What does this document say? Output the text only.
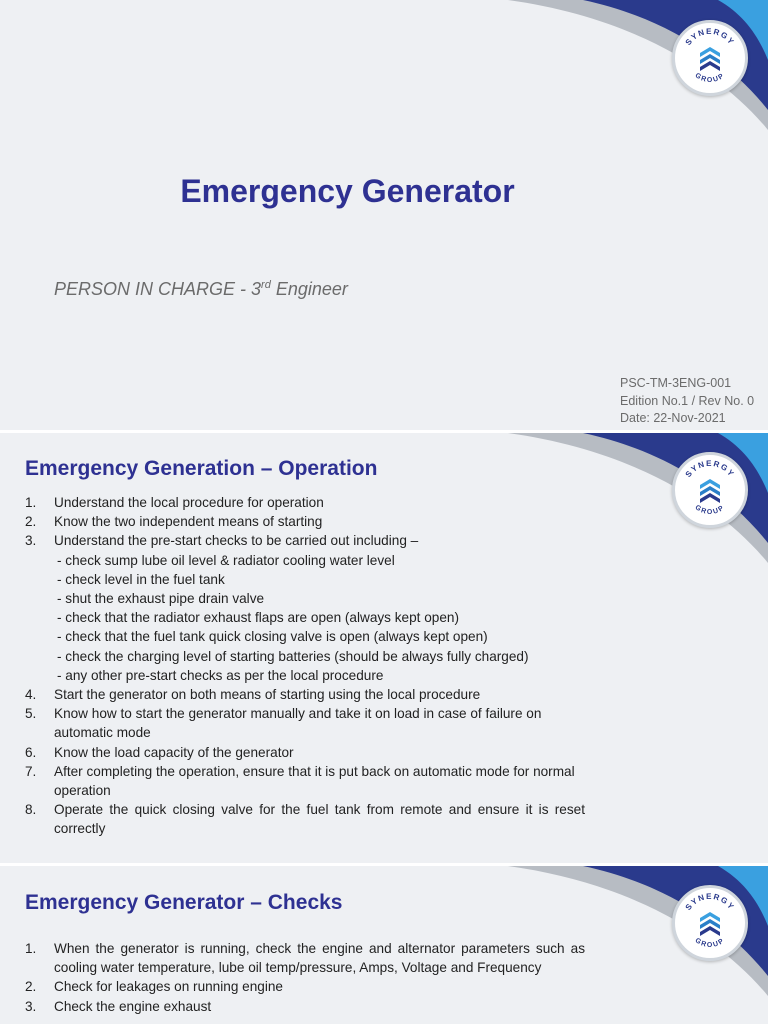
SYNERGY
GROUP
Emergency Generator
PERSON IN CHARGE - 3rd Engineer
PSC-TM-3ENG-001
Edition No.1 / Rev No. 0
Date: 22-Nov-2021
SYNERGY
GROUP
Emergency Generation – Operation
1. Understand the local procedure for operation
2. Know the two independent means of starting
3. Understand the pre-start checks to be carried out including –
- check sump lube oil level & radiator cooling water level
- check level in the fuel tank
- shut the exhaust pipe drain valve
- check that the radiator exhaust flaps are open (always kept open)
- check that the fuel tank quick closing valve is open (always kept open)
- check the charging level of starting batteries (should be always fully charged)
- any other pre-start checks as per the local procedure
4. Start the generator on both means of starting using the local procedure
5. Know how to start the generator manually and take it on load in case of failure on automatic mode
6. Know the load capacity of the generator
7. After completing the operation, ensure that it is put back on automatic mode for normal operation
8. Operate the quick closing valve for the fuel tank from remote and ensure it is reset correctly
SYNERGY
GROUP
Emergency Generator – Checks
1. When the generator is running, check the engine and alternator parameters such as cooling water temperature, lube oil temp/pressure, Amps, Voltage and Frequency
2. Check for leakages on running engine
3. Check the engine exhaust
